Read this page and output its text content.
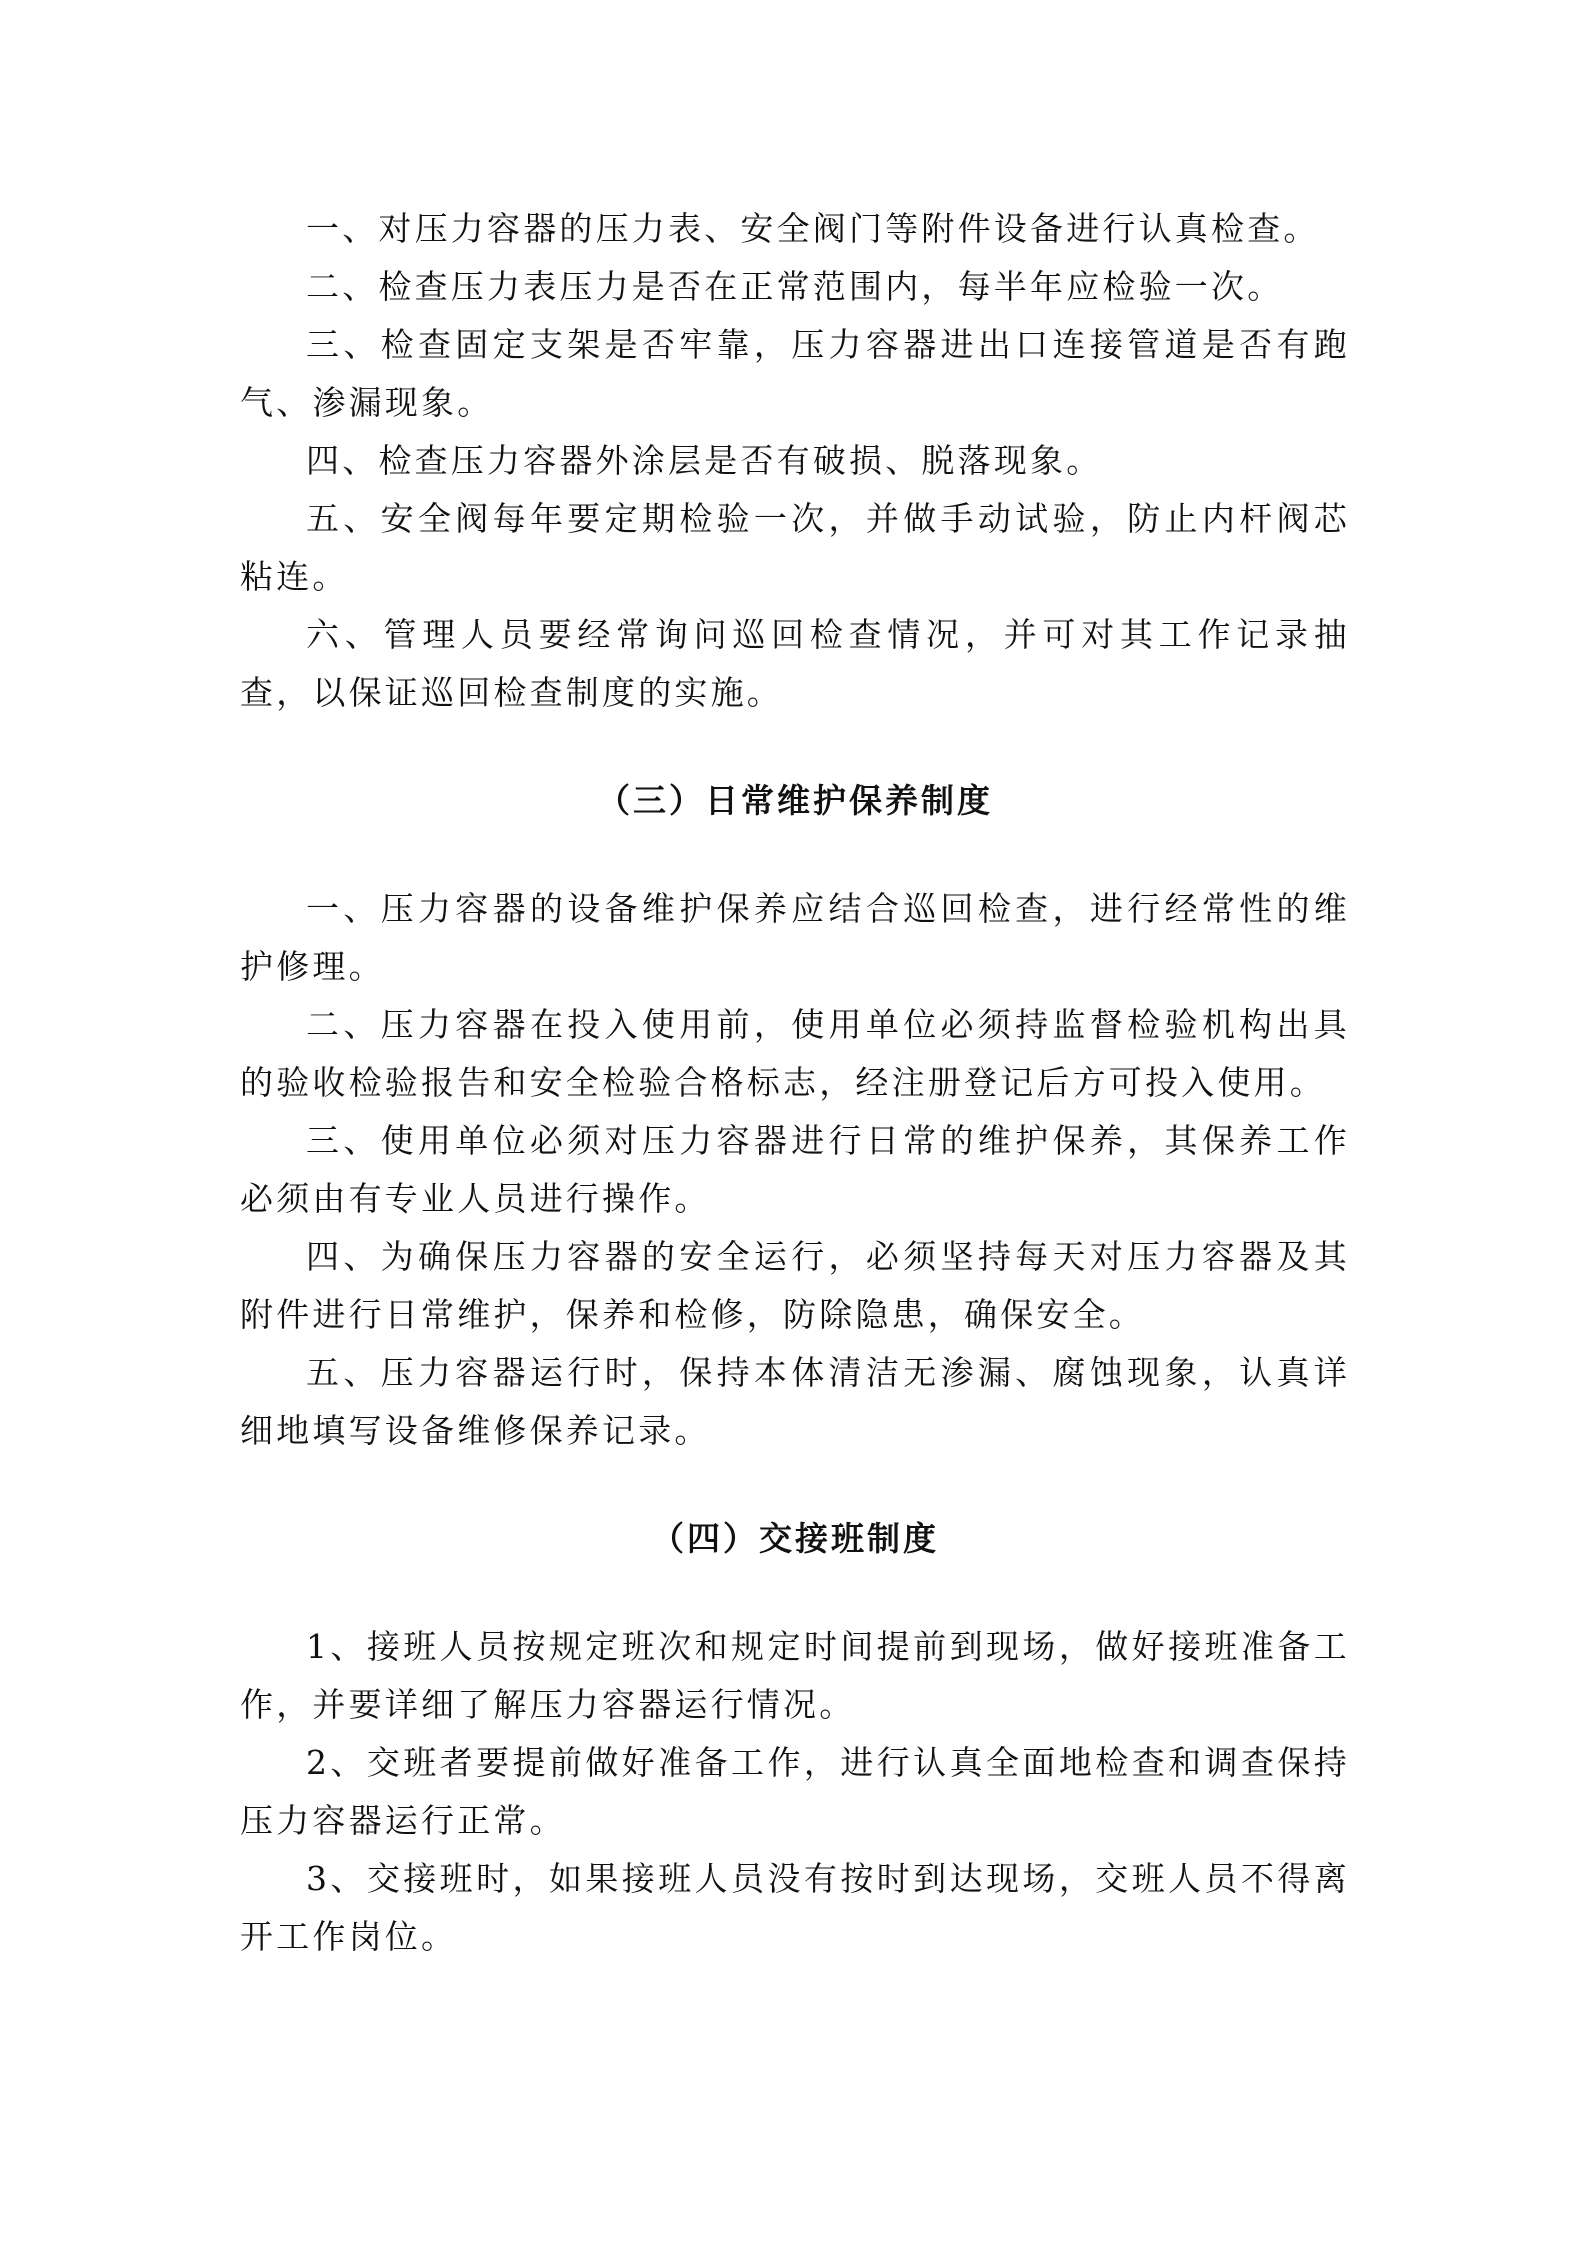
一、对压力容器的压力表、安全阀门等附件设备进行认真检查。

二、检查压力表压力是否在正常范围内，每半年应检验一次。

三、检查固定支架是否牢靠，压力容器进出口连接管道是否有跑气、渗漏现象。

四、检查压力容器外涂层是否有破损、脱落现象。

五、安全阀每年要定期检验一次，并做手动试验，防止内杆阀芯粘连。

六、管理人员要经常询问巡回检查情况，并可对其工作记录抽查，以保证巡回检查制度的实施。

（三）日常维护保养制度

一、压力容器的设备维护保养应结合巡回检查，进行经常性的维护修理。

二、压力容器在投入使用前，使用单位必须持监督检验机构出具的验收检验报告和安全检验合格标志，经注册登记后方可投入使用。

三、使用单位必须对压力容器进行日常的维护保养，其保养工作必须由有专业人员进行操作。

四、为确保压力容器的安全运行，必须坚持每天对压力容器及其附件进行日常维护，保养和检修，防除隐患，确保安全。

五、压力容器运行时，保持本体清洁无渗漏、腐蚀现象，认真详细地填写设备维修保养记录。

（四）交接班制度

1、接班人员按规定班次和规定时间提前到现场，做好接班准备工作，并要详细了解压力容器运行情况。

2、交班者要提前做好准备工作，进行认真全面地检查和调查保持压力容器运行正常。

3、交接班时，如果接班人员没有按时到达现场，交班人员不得离开工作岗位。
